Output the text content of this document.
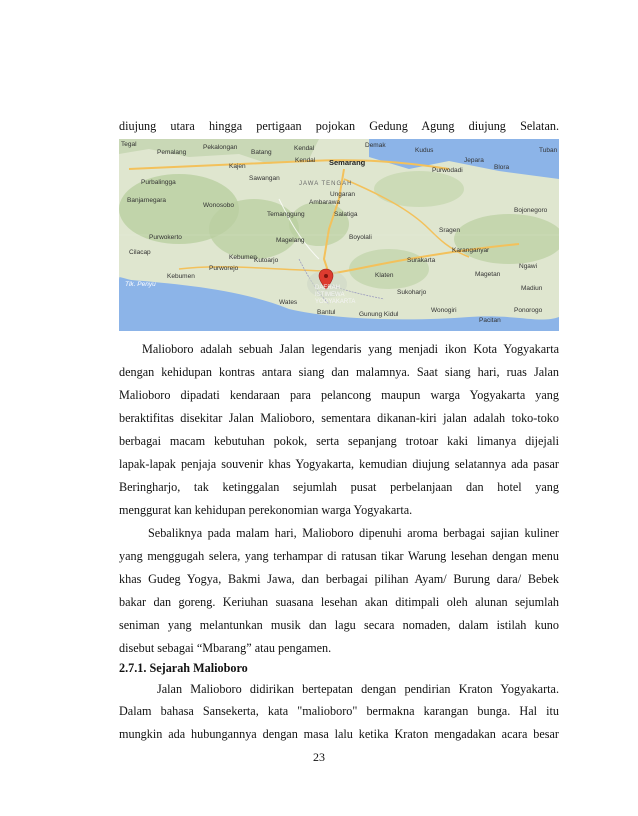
diujung utara hingga pertigaan pojokan Gedung Agung diujung Selatan.
Tegal
Pemalang
Pekalongan	Kendal	Demak
Kudus
Semarang	Jepara
Blora
Purwodadi
Banjarnegara
Wonosobo
Temanggung
Ungaran
Ambarawa
Salatiga
Sragen
Boyolali
Magelang
Purworejo
Kebumen	Klaten
Sukoharjo
Wonogiri
Ngawi
Purbalingga
Kebumen
Cilacap
Purwokerto
Tlk. Penyu
Kutoarjo	Surakarta
Karanganyar
Bojonegoro
Ponorogo
Magetan
Madiun
Pacitan
Gunung Kidul
Wates
Bantul
Batang
Sawangan
Kajen
Kendal
Tuban
JAWA TENGAH
DAERAH ISTIMEWA YOGYAKARTA
Malioboro adalah sebuah Jalan legendaris yang menjadi ikon Kota Yogyakarta
dengan kehidupan kontras antara siang dan malamnya. Saat siang hari, ruas Jalan
Malioboro dipadati kendaraan para pelancong maupun warga Yogyakarta yang
beraktifitas disekitar Jalan Malioboro, sementara dikanan-kiri jalan adalah toko-toko
berbagai macam kebutuhan pokok, serta sepanjang trotoar kaki limanya dijejali
lapak-lapak penjaja souvenir khas Yogyakarta, kemudian diujung selatannya ada pasar
Beringharjo, tak ketinggalan sejumlah pusat perbelanjaan dan hotel yang
menggurat kan kehidupan perekonomian warga Yogyakarta.
Sebaliknya pada malam hari, Malioboro dipenuhi aroma berbagai sajian kuliner
yang menggugah selera, yang terhampar di ratusan tikar Warung lesehan dengan menu
khas Gudeg Yogya, Bakmi Jawa, dan berbagai pilihan Ayam/ Burung dara/ Bebek
bakar dan goreng. Keriuhan suasana lesehan akan ditimpali oleh alunan sejumlah
seniman yang melantunkan musik dan lagu secara nomaden, dalam istilah kuno
disebut sebagai “Mbarang” atau pengamen.
2.7.1. Sejarah Malioboro
Jalan Malioboro didirikan bertepatan dengan pendirian Kraton Yogyakarta.
Dalam bahasa Sansekerta, kata "malioboro" bermakna karangan bunga. Hal itu
mungkin ada hubungannya dengan masa lalu ketika Kraton mengadakan acara besar
23
